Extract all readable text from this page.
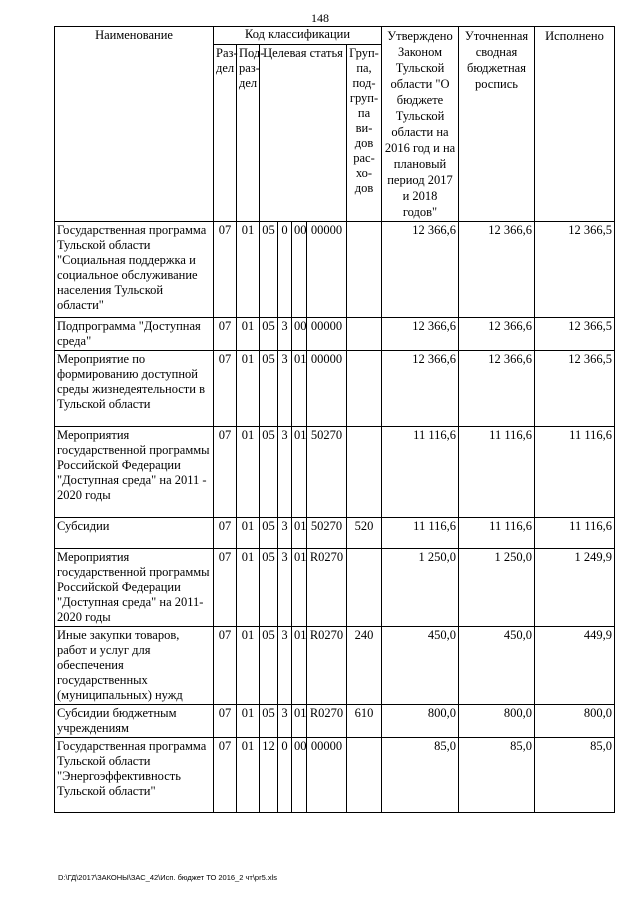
148
Наименование	Код классификации							Утверждено Законом Тульской области "О бюджете Тульской области на 2016 год и на плановый период 2017 и 2018 годов"	Уточненная сводная бюджетная роспись	Исполнено
	Раз-дел	Под-раз-дел	Целевая статья				Груп-па, под-груп-па ви-дов рас-хо-дов			
Государственная программа Тульской области "Социальная поддержка и социальное обслуживание населения Тульской области"	07	01	05	0	00	00000		12 366,6	12 366,6	12 366,5
Подпрограмма "Доступная среда"	07	01	05	3	00	00000		12 366,6	12 366,6	12 366,5
Мероприятие по формированию доступной среды жизнедеятельности в Тульской области	07	01	05	3	01	00000		12 366,6	12 366,6	12 366,5
Мероприятия государственной программы Российской Федерации "Доступная среда" на 2011 - 2020 годы	07	01	05	3	01	50270		11 116,6	11 116,6	11 116,6
Субсидии	07	01	05	3	01	50270	520	11 116,6	11 116,6	11 116,6
Мероприятия государственной программы Российской Федерации "Доступная среда" на 2011-2020 годы	07	01	05	3	01	R0270		1 250,0	1 250,0	1 249,9
Иные закупки товаров, работ и услуг для обеспечения государственных (муниципальных) нужд	07	01	05	3	01	R0270	240	450,0	450,0	449,9
Субсидии бюджетным учреждениям	07	01	05	3	01	R0270	610	800,0	800,0	800,0
Государственная программа Тульской области "Энергоэффективность Тульской области"	07	01	12	0	00	00000		85,0	85,0	85,0
D:\ГД\2017\ЗАКОНЫ\ЗАС_42\Исп. бюджет ТО 2016_2 чт\pr5.xls
